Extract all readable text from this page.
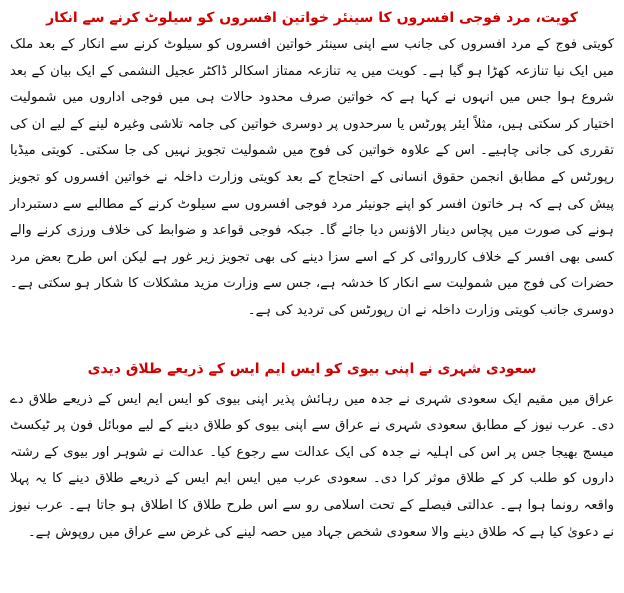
کویت، مرد فوجی افسروں کا سینئر خواتین افسروں کو سیلوٹ کرنے سے انکار

کویتی فوج کے مرد افسروں کی جانب سے اپنی سینئر خواتین افسروں کو سیلوٹ کرنے سے انکار کے بعد ملک میں ایک نیا تنازعہ کھڑا ہو گیا ہے۔ کویت میں یہ تنازعہ ممتاز اسکالر ڈاکٹر عجیل النشمی کے ایک بیان کے بعد شروع ہوا جس میں انہوں نے کہا ہے کہ خواتین صرف محدود حالات ہی میں فوجی اداروں میں شمولیت اختیار کر سکتی ہیں، مثلاً ایئر پورٹس یا سرحدوں پر دوسری خواتین کی جامہ تلاشی وغیرہ لینے کے لیے ان کی تقرری کی جانی چاہیے۔ اس کے علاوہ خواتین کی فوج میں شمولیت تجویز نہیں کی جا سکتی۔ کویتی میڈیا رپورٹس کے مطابق انجمن حقوق انسانی کے احتجاج کے بعد کویتی وزارت داخلہ نے خواتین افسروں کو تجویز پیش کی ہے کہ ہر خاتون افسر کو اپنے جونیئر مرد فوجی افسروں سے سیلوٹ کرنے کے مطالبے سے دستبردار ہونے کی صورت میں پچاس دینار الاؤنس دیا جائے گا۔ جبکہ فوجی قواعد و ضوابط کی خلاف ورزی کرنے والے کسی بھی افسر کے خلاف کارروائی کر کے اسے سزا دینے کی بھی تجویز زیر غور ہے لیکن اس طرح بعض مرد حضرات کی فوج میں شمولیت سے انکار کا خدشہ ہے، جس سے وزارت مزید مشکلات کا شکار ہو سکتی ہے۔ دوسری جانب کویتی وزارت داخلہ نے ان رپورٹس کی تردید کی ہے۔

سعودی شہری نے اپنی بیوی کو ایس ایم ایس کے ذریعے طلاق دیدی

عراق میں مقیم ایک سعودی شہری نے جدہ میں رہائش پذیر اپنی بیوی کو ایس ایم ایس کے ذریعے طلاق دے دی۔ عرب نیوز کے مطابق سعودی شہری نے عراق سے اپنی بیوی کو طلاق دینے کے لیے موبائل فون پر ٹیکسٹ میسج بھیجا جس پر اس کی اہلیہ نے جدہ کی ایک عدالت سے رجوع کیا۔ عدالت نے شوہر اور بیوی کے رشتہ داروں کو طلب کر کے طلاق موثر کرا دی۔ سعودی عرب میں ایس ایم ایس کے ذریعے طلاق دینے کا یہ پہلا واقعہ رونما ہوا ہے۔ عدالتی فیصلے کے تحت اسلامی رو سے اس طرح طلاق کا اطلاق ہو جاتا ہے۔ عرب نیوز نے دعویٰ کیا ہے کہ طلاق دینے والا سعودی شخص جہاد میں حصہ لینے کی غرض سے عراق میں روپوش ہے۔
